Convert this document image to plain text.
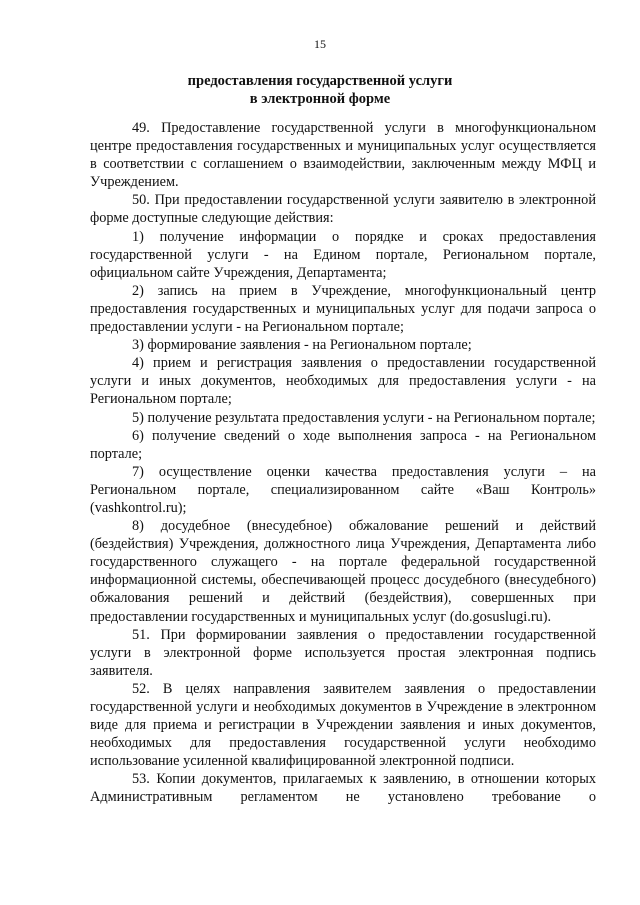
15
предоставления государственной услуги
в электронной форме

49. Предоставление государственной услуги в многофункциональном центре предоставления государственных и муниципальных услуг осуществляется в соответствии с соглашением о взаимодействии, заключенным между МФЦ и Учреждением.

50. При предоставлении государственной услуги заявителю в электронной форме доступные следующие действия:

1) получение информации о порядке и сроках предоставления государственной услуги - на Едином портале, Региональном портале, официальном сайте Учреждения, Департамента;

2) запись на прием в Учреждение, многофункциональный центр предоставления государственных и муниципальных услуг для подачи запроса о предоставлении услуги - на Региональном портале;

3) формирование заявления - на Региональном портале;

4) прием и регистрация заявления о предоставлении государственной услуги и иных документов, необходимых для предоставления услуги - на Региональном портале;

5) получение результата предоставления услуги - на Региональном портале;

6) получение сведений о ходе выполнения запроса - на Региональном портале;

7) осуществление оценки качества предоставления услуги – на Региональном портале, специализированном сайте «Ваш Контроль» (vashkontrol.ru);

8) досудебное (внесудебное) обжалование решений и действий (бездействия) Учреждения, должностного лица Учреждения, Департамента либо государственного служащего - на портале федеральной государственной информационной системы, обеспечивающей процесс досудебного (внесудебного) обжалования решений и действий (бездействия), совершенных при предоставлении государственных и муниципальных услуг (do.gosuslugi.ru).

51. При формировании заявления о предоставлении государственной услуги в электронной форме используется простая электронная подпись заявителя.

52. В целях направления заявителем заявления о предоставлении государственной услуги и необходимых документов в Учреждение в электронном виде для приема и регистрации в Учреждении заявления и иных документов, необходимых для предоставления государственной услуги необходимо использование усиленной квалифицированной электронной подписи.

53. Копии документов, прилагаемых к заявлению, в отношении которых Административным регламентом не установлено требование о
